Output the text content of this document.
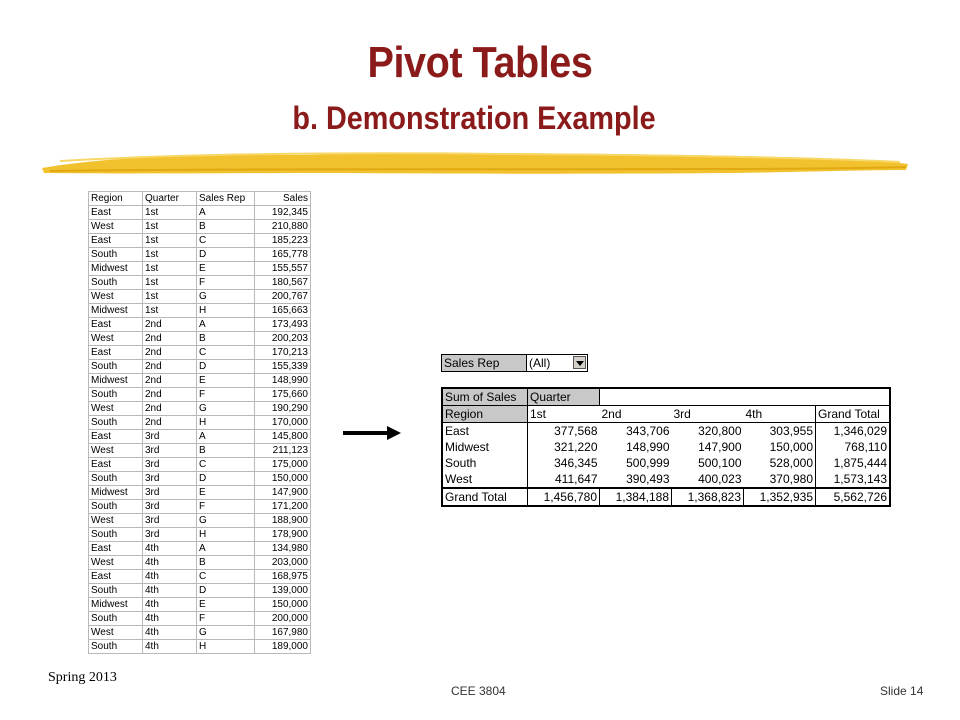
Pivot Tables
b. Demonstration Example
Region	Quarter	Sales Rep	Sales
East	1st	A	192,345
West	1st	B	210,880
East	1st	C	185,223
South	1st	D	165,778
Midwest	1st	E	155,557
South	1st	F	180,567
West	1st	G	200,767
Midwest	1st	H	165,663
East	2nd	A	173,493
West	2nd	B	200,203
East	2nd	C	170,213
South	2nd	D	155,339
Midwest	2nd	E	148,990
South	2nd	F	175,660
West	2nd	G	190,290
South	2nd	H	170,000
East	3rd	A	145,800
West	3rd	B	211,123
East	3rd	C	175,000
South	3rd	D	150,000
Midwest	3rd	E	147,900
South	3rd	F	171,200
West	3rd	G	188,900
South	3rd	H	178,900
East	4th	A	134,980
West	4th	B	203,000
East	4th	C	168,975
South	4th	D	139,000
Midwest	4th	E	150,000
South	4th	F	200,000
West	4th	G	167,980
South	4th	H	189,000
Sales Rep	(All)
Sum of Sales	Quarter				
Region	1st	2nd	3rd	4th	Grand Total
East	377,568	343,706	320,800	303,955	1,346,029
Midwest	321,220	148,990	147,900	150,000	768,110
South	346,345	500,999	500,100	528,000	1,875,444
West	411,647	390,493	400,023	370,980	1,573,143
Grand Total	1,456,780	1,384,188	1,368,823	1,352,935	5,562,726
Spring 2013
CEE 3804	Slide 14
